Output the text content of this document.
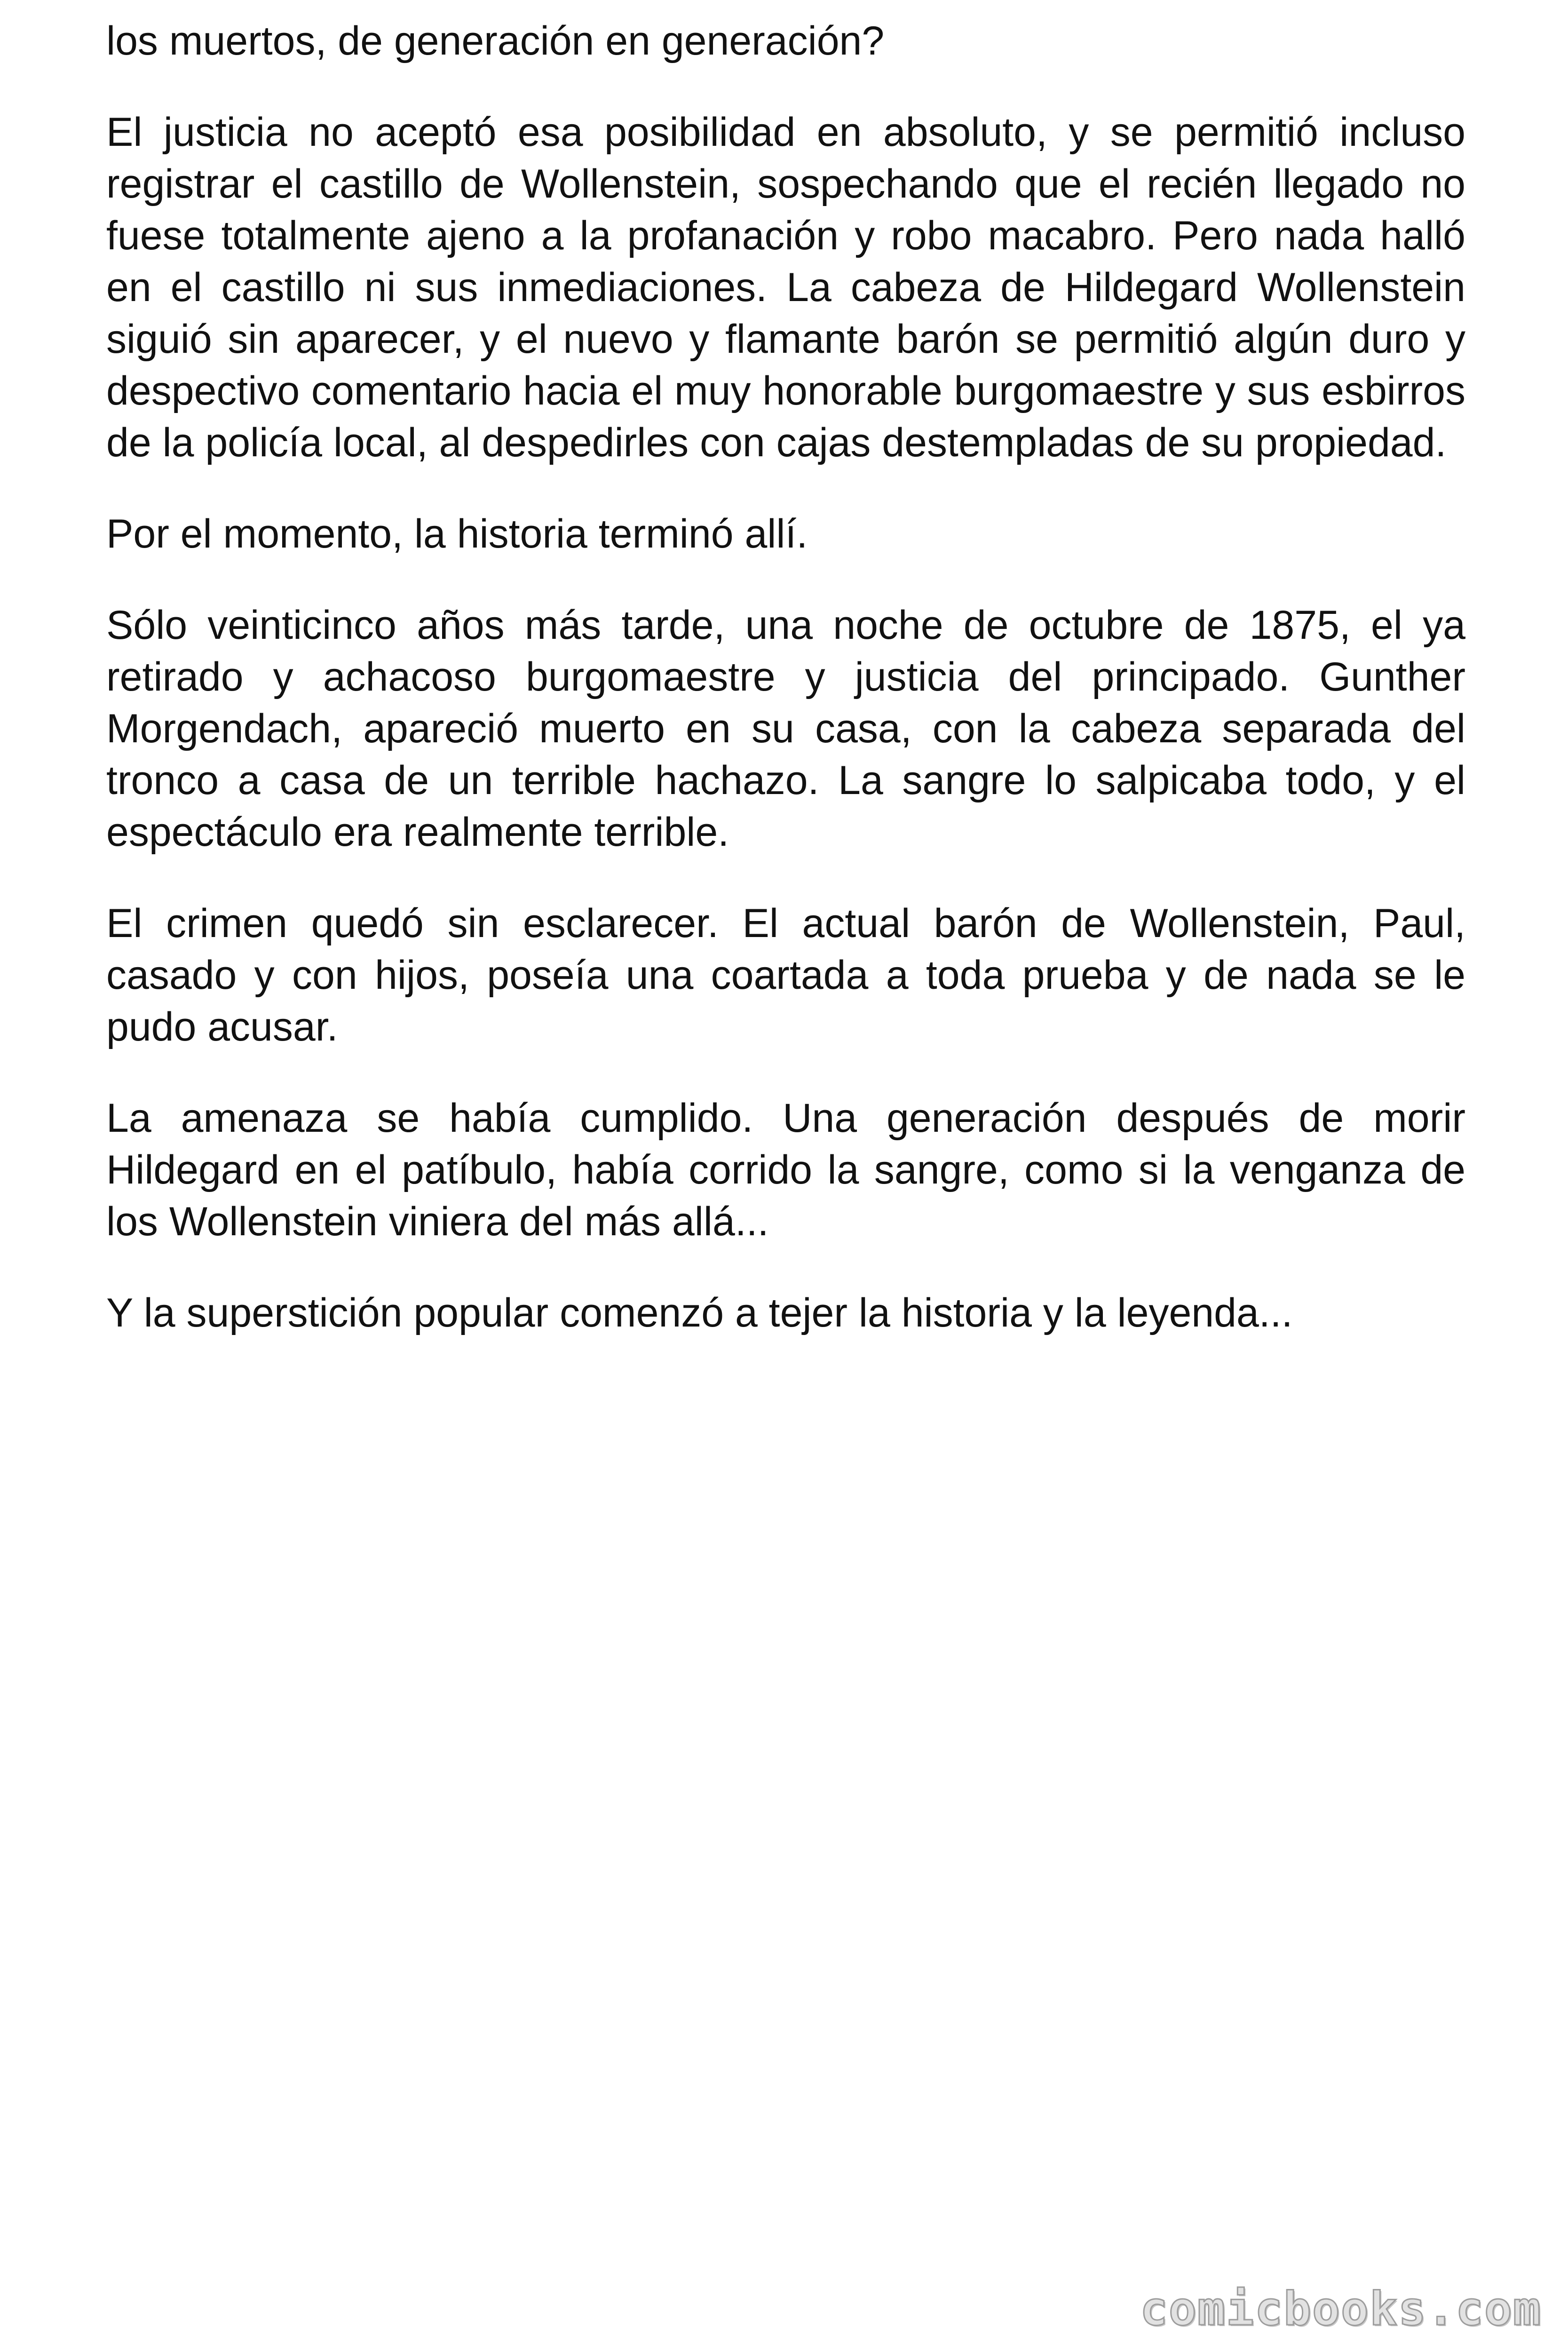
los muertos, de generación en generación?

El justicia no aceptó esa posibilidad en absoluto, y se permitió incluso registrar el castillo de Wollenstein, sospechando que el recién llegado no fuese totalmente ajeno a la profanación y robo macabro. Pero nada halló en el castillo ni sus inmediaciones. La cabeza de Hildegard Wollenstein siguió sin aparecer, y el nuevo y flamante barón se permitió algún duro y despectivo comentario hacia el muy honorable burgomaestre y sus esbirros de la policía local, al despedirles con cajas destempladas de su propiedad.

Por el momento, la historia terminó allí.

Sólo veinticinco años más tarde, una noche de octubre de 1875, el ya retirado y achacoso burgomaestre y justicia del principado. Gunther Morgendach, apareció muerto en su casa, con la cabeza separada del tronco a casa de un terrible hachazo. La sangre lo salpicaba todo, y el espectáculo era realmente terrible.

El crimen quedó sin esclarecer. El actual barón de Wollenstein, Paul, casado y con hijos, poseía una coartada a toda prueba y de nada se le pudo acusar.

La amenaza se había cumplido. Una generación después de morir Hildegard en el patíbulo, había corrido la sangre, como si la venganza de los Wollenstein viniera del más allá...

Y la superstición popular comenzó a tejer la historia y la leyenda...

comicbooks.com
